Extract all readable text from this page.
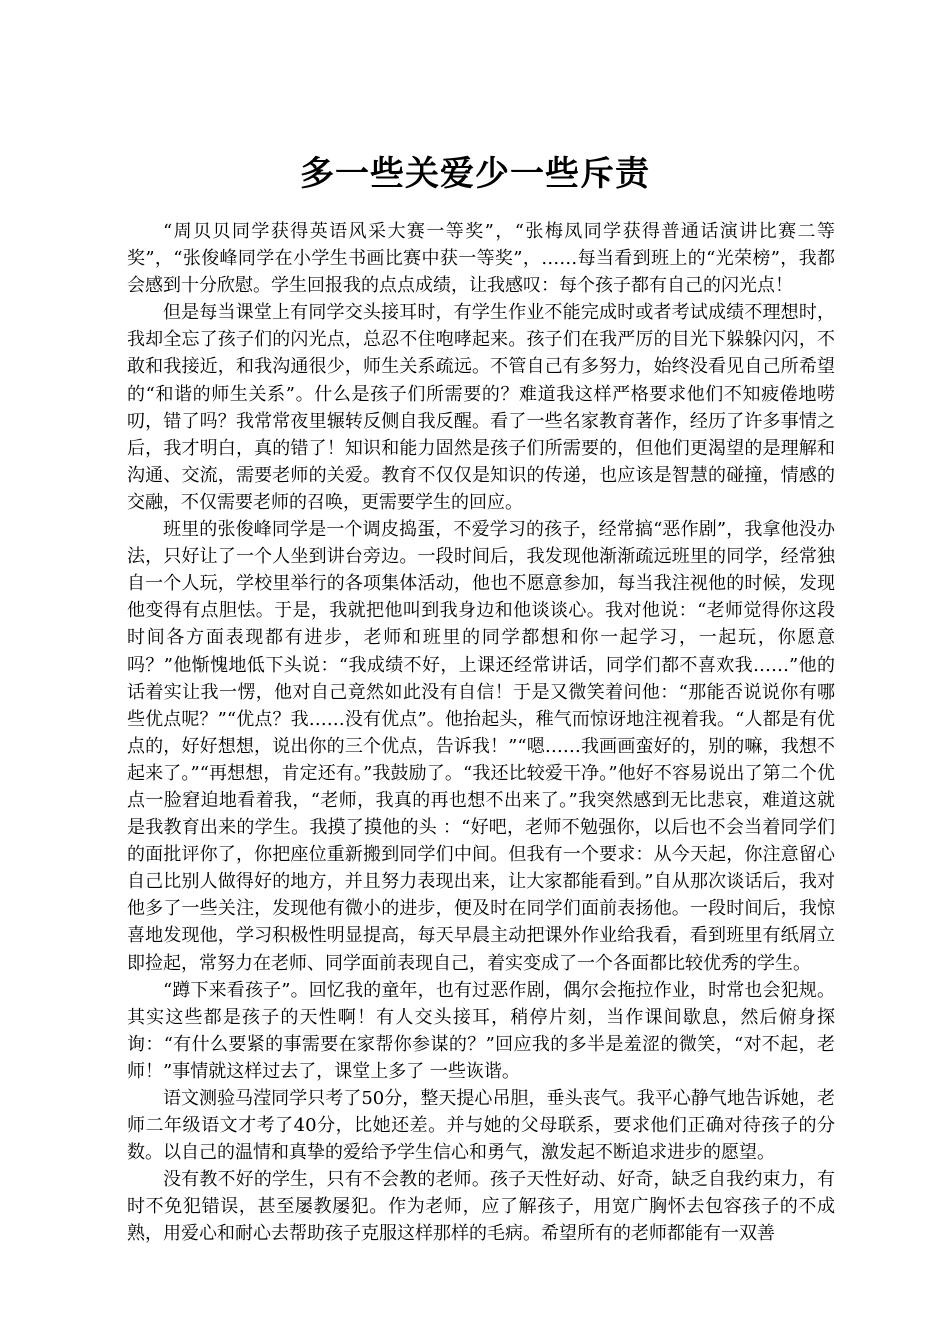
多一些关爱少一些斥责

“周贝贝同学获得英语风采大赛一等奖”，“张梅凤同学获得普通话演讲比赛二等奖”，“张俊峰同学在小学生书画比赛中获一等奖”，……每当看到班上的“光荣榜”，我都会感到十分欣慰。学生回报我的点点成绩，让我感叹：每个孩子都有自己的闪光点！

但是每当课堂上有同学交头接耳时，有学生作业不能完成时或者考试成绩不理想时，我却全忘了孩子们的闪光点，总忍不住咆哮起来。孩子们在我严厉的目光下躲躲闪闪，不敢和我接近，和我沟通很少，师生关系疏远。不管自己有多努力，始终没看见自己所希望的“和谐的师生关系”。什么是孩子们所需要的？难道我这样严格要求他们不知疲倦地唠叨，错了吗？我常常夜里辗转反侧自我反醒。看了一些名家教育著作，经历了许多事情之后，我才明白，真的错了！知识和能力固然是孩子们所需要的，但他们更渴望的是理解和沟通、交流，需要老师的关爱。教育不仅仅是知识的传递，也应该是智慧的碰撞，情感的交融，不仅需要老师的召唤，更需要学生的回应。

班里的张俊峰同学是一个调皮捣蛋，不爱学习的孩子，经常搞“恶作剧”，我拿他没办法，只好让了一个人坐到讲台旁边。一段时间后，我发现他渐渐疏远班里的同学，经常独自一个人玩，学校里举行的各项集体活动，他也不愿意参加，每当我注视他的时候，发现他变得有点胆怯。于是，我就把他叫到我身边和他谈谈心。我对他说：“老师觉得你这段时间各方面表现都有进步，老师和班里的同学都想和你一起学习，一起玩，你愿意吗？”他惭愧地低下头说：“我成绩不好，上课还经常讲话，同学们都不喜欢我……”他的话着实让我一愣，他对自己竟然如此没有自信！于是又微笑着问他：“那能否说说你有哪些优点呢？”“优点？我……没有优点”。他抬起头，稚气而惊讶地注视着我。“人都是有优点的，好好想想，说出你的三个优点，告诉我！”“嗯……我画画蛮好的，别的嘛，我想不起来了。”“再想想，肯定还有。”我鼓励了。“我还比较爱干净。”他好不容易说出了第二个优点一脸窘迫地看着我，“老师，我真的再也想不出来了。”我突然感到无比悲哀，难道这就是我教育出来的学生。我摸了摸他的头 ：“好吧，老师不勉强你，以后也不会当着同学们的面批评你了，你把座位重新搬到同学们中间。但我有一个要求：从今天起，你注意留心自己比别人做得好的地方，并且努力表现出来，让大家都能看到。”自从那次谈话后，我对他多了一些关注，发现他有微小的进步，便及时在同学们面前表扬他。一段时间后，我惊喜地发现他，学习积极性明显提高，每天早晨主动把课外作业给我看，看到班里有纸屑立即捡起，常努力在老师、同学面前表现自己，着实变成了一个各面都比较优秀的学生。

“蹲下来看孩子”。回忆我的童年，也有过恶作剧，偶尔会拖拉作业，时常也会犯规。其实这些都是孩子的天性啊！有人交头接耳，稍停片刻，当作课间歇息，然后俯身探询：“有什么要紧的事需要在家帮你参谋的？”回应我的多半是羞涩的微笑，“对不起，老师！”事情就这样过去了，课堂上多了 一些诙谐。

语文测验马滢同学只考了50分，整天提心吊胆，垂头丧气。我平心静气地告诉她，老师二年级语文才考了40分，比她还差。并与她的父母联系，要求他们正确对待孩子的分数。以自己的温情和真挚的爱给予学生信心和勇气，激发起不断追求进步的愿望。

没有教不好的学生，只有不会教的老师。孩子天性好动、好奇，缺乏自我约束力，有时不免犯错误，甚至屡教屡犯。作为老师，应了解孩子，用宽广胸怀去包容孩子的不成熟，用爱心和耐心去帮助孩子克服这样那样的毛病。希望所有的老师都能有一双善
